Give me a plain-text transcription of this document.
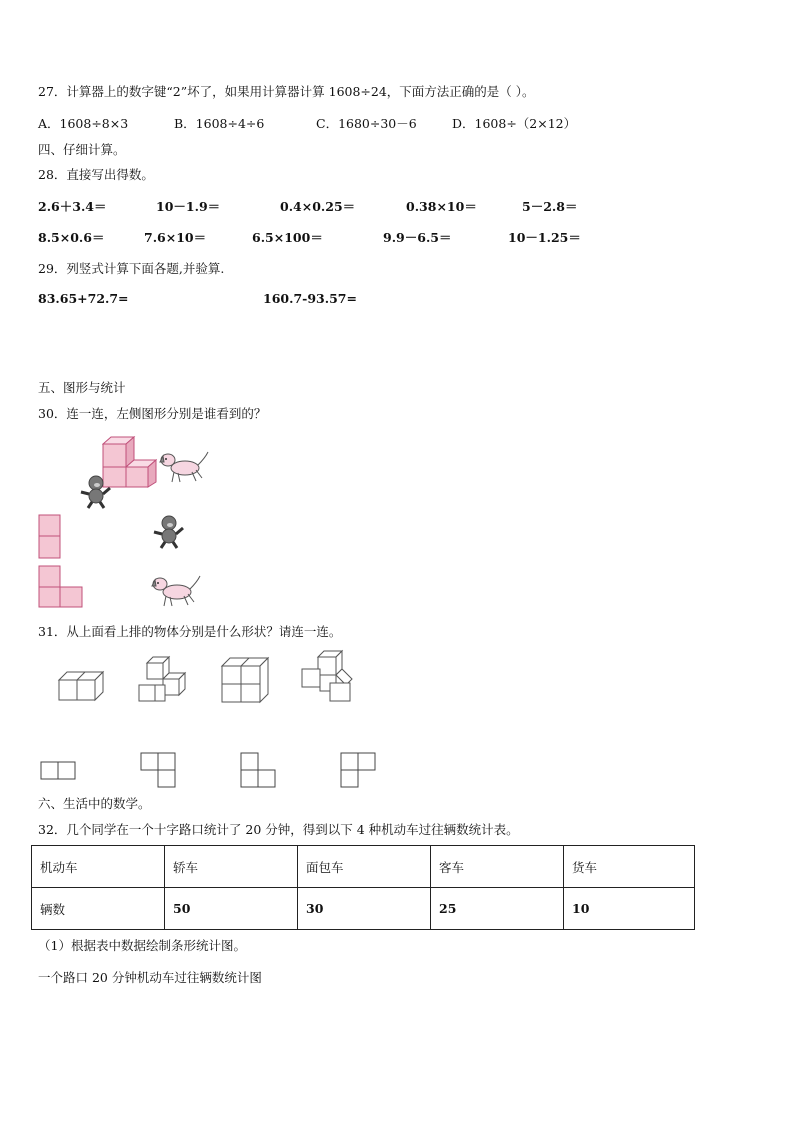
27．计算器上的数字键“2”坏了，如果用计算器计算 1608÷24，下面方法正确的是（ ）。
A．1608÷8×3	B．1608÷4÷6	C．1680÷30－6	D．1608÷（2×12）
四、仔细计算。
28．直接写出得数。
2.6＋3.4＝	10－1.9＝	0.4×0.25＝	0.38×10＝	5－2.8＝
8.5×0.6＝	7.6×10＝	6.5×100＝	9.9－6.5＝	10－1.25＝
29．列竖式计算下面各题,并验算.
83.65+72.7=	160.7-93.57=
五、图形与统计
30．连一连，左侧图形分别是谁看到的？
31．从上面看上排的物体分别是什么形状？请连一连。
六、生活中的数学。
32．几个同学在一个十字路口统计了 20 分钟，得到以下 4 种机动车过往辆数统计表。
机动车	轿车	面包车	客车	货车
辆数	50	30	25	10
（1）根据表中数据绘制条形统计图。
一个路口 20 分钟机动车过往辆数统计图
